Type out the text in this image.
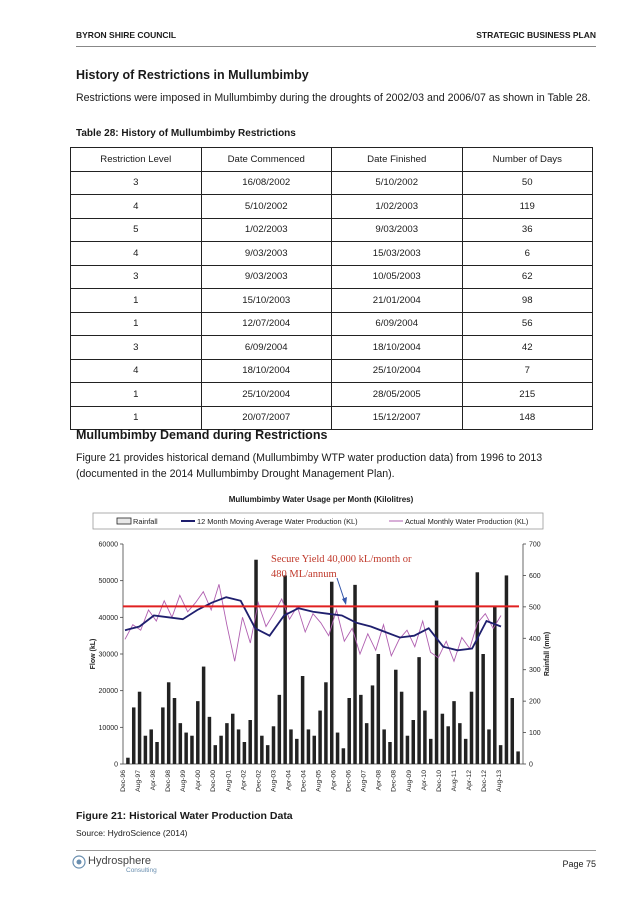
BYRON SHIRE COUNCIL	STRATEGIC BUSINESS PLAN
History of Restrictions in Mullumbimby

Restrictions were imposed in Mullumbimby during the droughts of 2002/03 and 2006/07 as shown in Table 28.

Table 28: History of Mullumbimby Restrictions

Restriction Level	Date Commenced	Date Finished	Number of Days
3	16/08/2002	5/10/2002	50
4	5/10/2002	1/02/2003	119
5	1/02/2003	9/03/2003	36
4	9/03/2003	15/03/2003	6
3	9/03/2003	10/05/2003	62
1	15/10/2003	21/01/2004	98
1	12/07/2004	6/09/2004	56
3	6/09/2004	18/10/2004	42
4	18/10/2004	25/10/2004	7
1	25/10/2004	28/05/2005	215
1	20/07/2007	15/12/2007	148
Mullumbimby Demand during Restrictions

Figure 21 provides historical demand (Mullumbimby WTP water production data) from 1996 to 2013 (documented in the 2014 Mullumbimby Drought Management Plan).

Mullumbimby Water Usage per Month (Kilolitres)
Rainfall	12 Month Moving Average Water Production (KL)	Actual Monthly Water Production (KL)
0
10000
20000
30000
40000
50000
60000
0
100
200
300
400
500
600
700
Flow (kL)	Rainfall (mm)
Secure Yield 40,000 kL/month or
480 ML/annum
Dec-96 Aug-97 Apr-98 Dec-98 Aug-99 Apr-00 Dec-00 Aug-01 Apr-02 Dec-02 Aug-03 Apr-04 Dec-04 Aug-05 Apr-06 Dec-06 Aug-07 Apr-08 Dec-08 Aug-09 Apr-10 Dec-10 Aug-11 Apr-12 Dec-12 Aug-13

Figure 21: Historical Water Production Data

Source: HydroScience (2014)
Hydrosphere
Consulting
Page 75
